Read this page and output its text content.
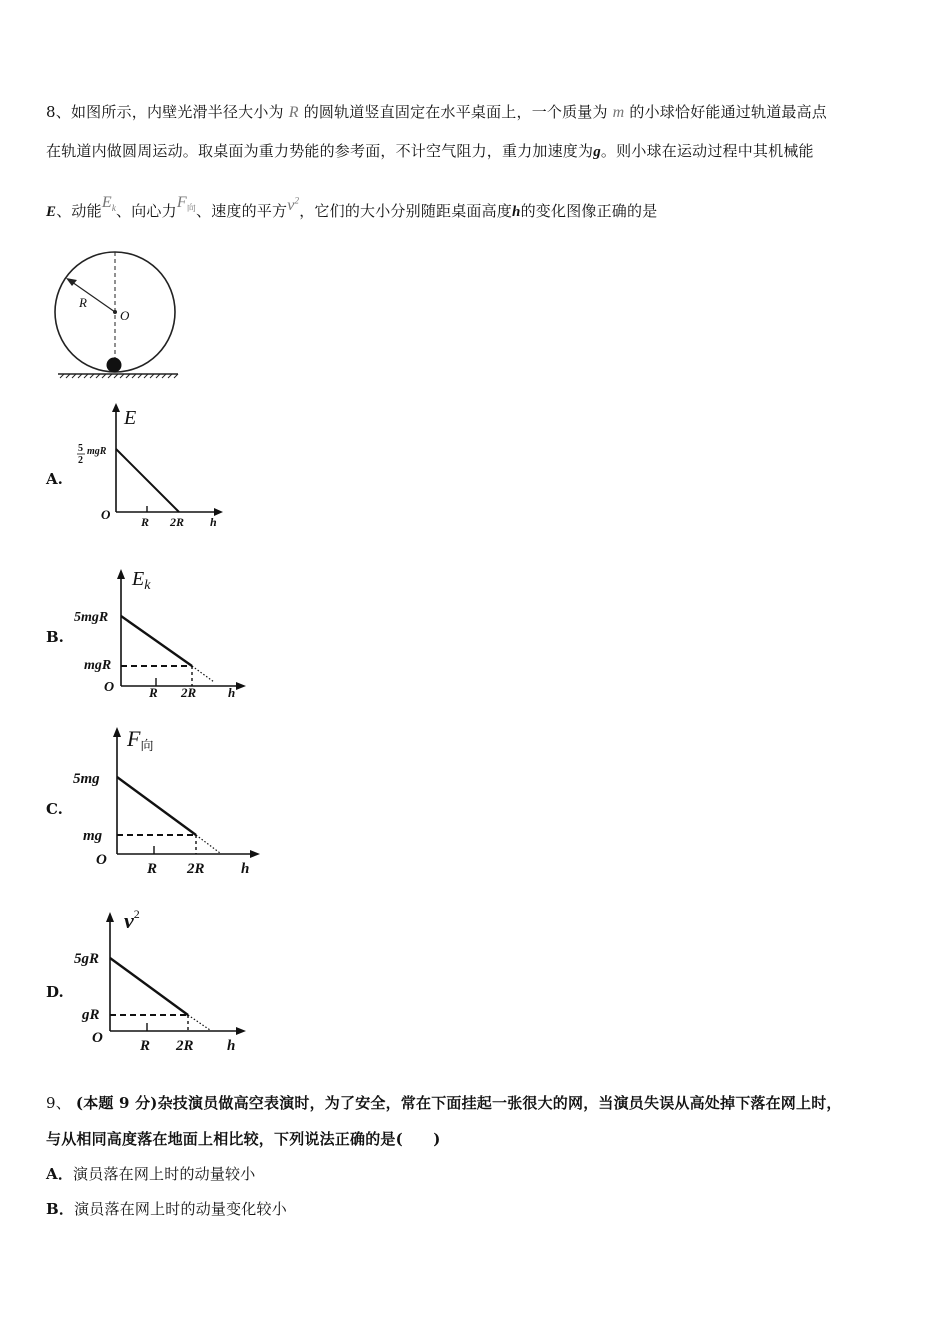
8、如图所示，内壁光滑半径大小为 R 的圆轨道竖直固定在水平桌面上，一个质量为 m 的小球恰好能通过轨道最高点
在轨道内做圆周运动。取桌面为重力势能的参考面，不计空气阻力，重力加速度为g。则小球在运动过程中其机械能
E、动能$E_k$、向心力$F_向$、速度的平方$v^2$，它们的大小分别随距桌面高度h的变化图像正确的是
R
O
A.
E
5
2
mgR
O	R 2R h
B.
$E_k$
5mgR
mgR
O	R 2R h
C.
F向
5mg
mg
O
R 2R h
D.
$v^2$
5gR
gR
O R 2R h
9、 (本题 9 分)杂技演员做高空表演时，为了安全，常在下面挂起一张很大的网，当演员失误从高处掉下落在网上时，
与从相同高度落在地面上相比较，下列说法正确的是(　　)
A．演员落在网上时的动量较小
B．演员落在网上时的动量变化较小
